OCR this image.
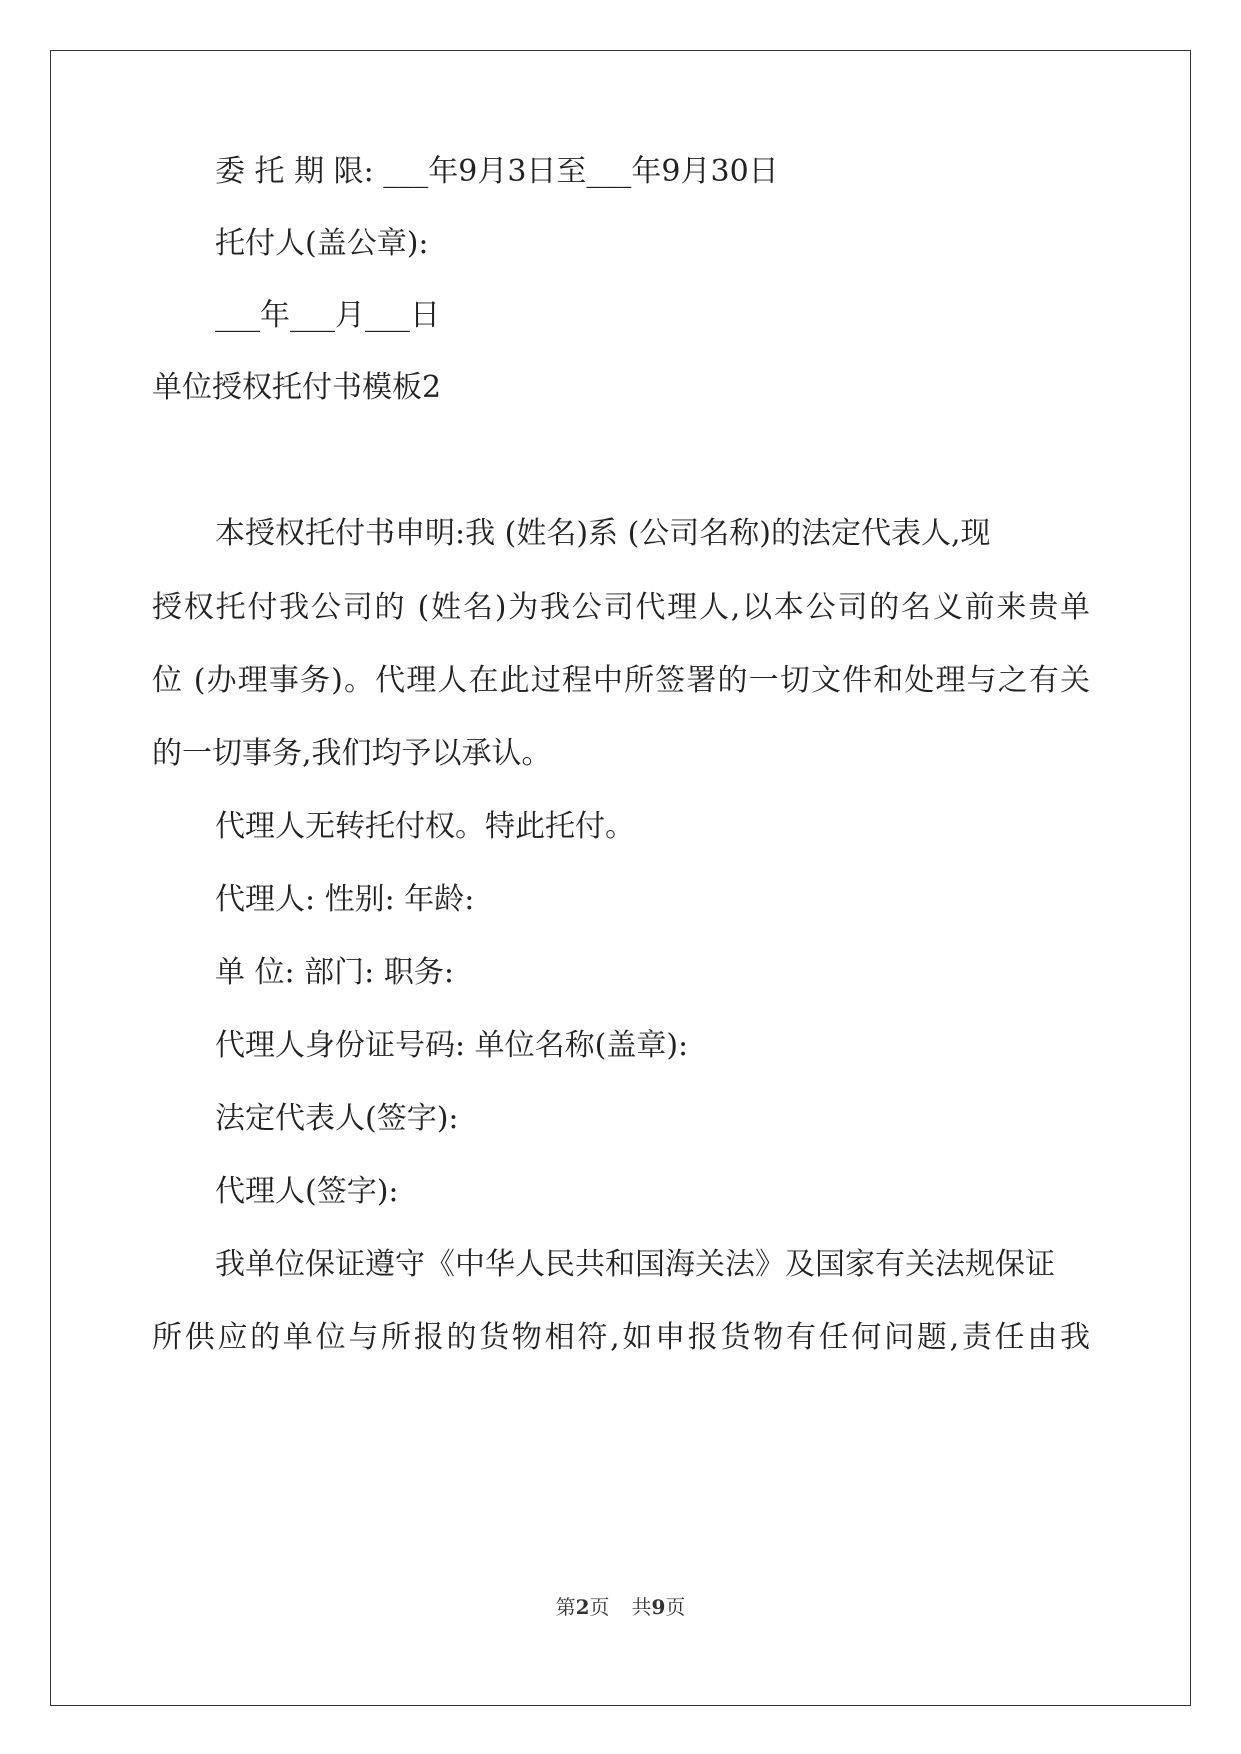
委 托 期 限: ___年9月3日至___年9月30日
托付人(盖公章):
___年___月___日
单位授权托付书模板2
本授权托付书申明:我 (姓名)系 (公司名称)的法定代表人,现
授权托付我公司的 (姓名)为我公司代理人,以本公司的名义前来贵单
位 (办理事务)。代理人在此过程中所签署的一切文件和处理与之有关
的一切事务,我们均予以承认。
代理人无转托付权。特此托付。
代理人: 性别: 年龄:
单 位: 部门: 职务:
代理人身份证号码: 单位名称(盖章):
法定代表人(签字):
代理人(签字):
我单位保证遵守《中华人民共和国海关法》及国家有关法规保证
所供应的单位与所报的货物相符,如申报货物有任何问题,责任由我
第2页 共9页
